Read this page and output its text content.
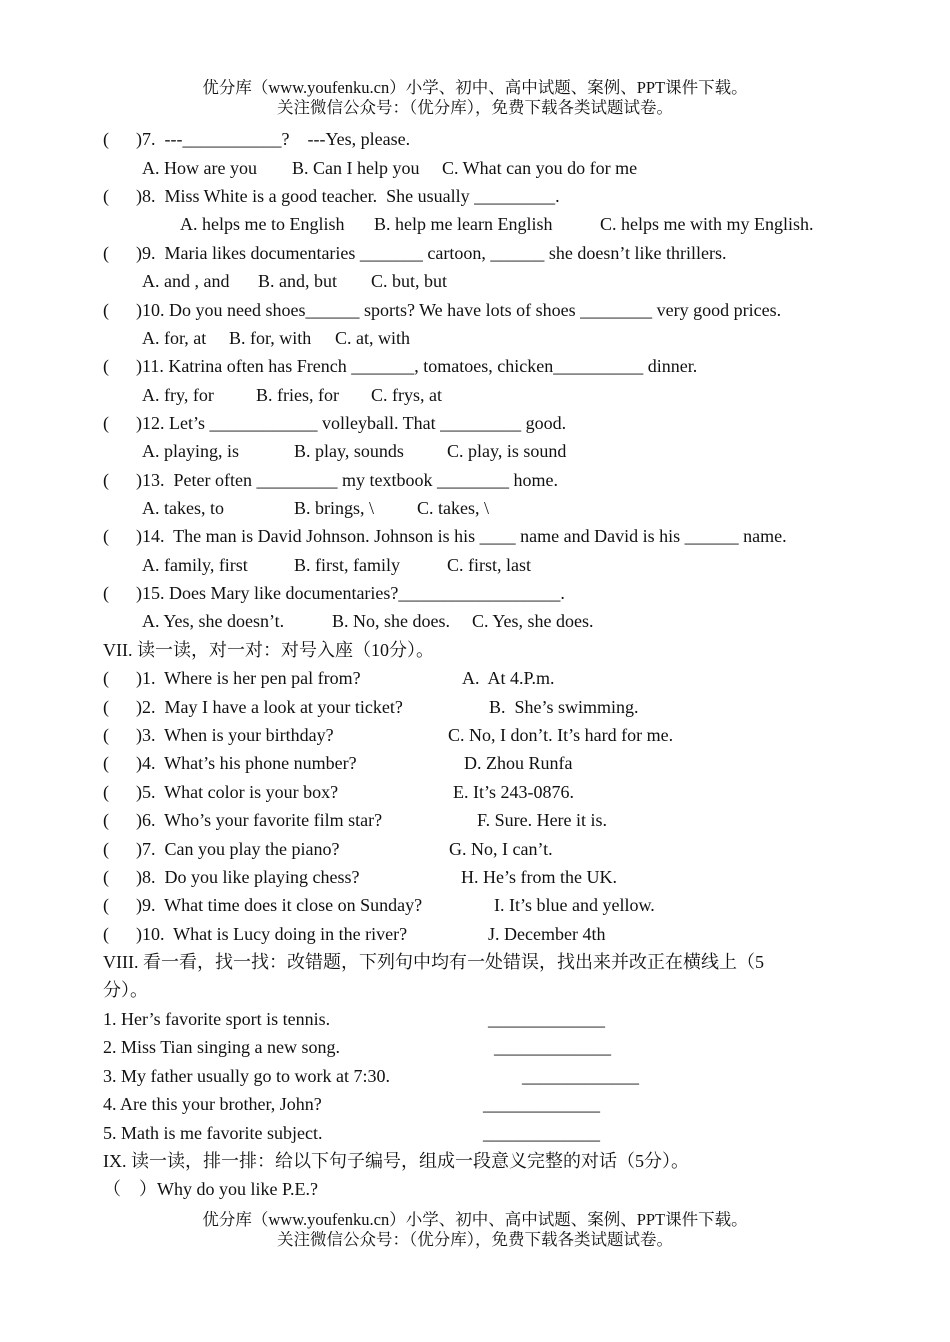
优分库（www.youfenku.cn）小学、初中、高中试题、案例、PPT课件下载。
关注微信公众号：（优分库），免费下载各类试题试卷。
(      )7.  ---___________?    ---Yes, please.
A. How are you B. Can I help you C. What can you do for me
(      )8.  Miss White is a good teacher.  She usually _________.
A. helps me to English B. help me learn English	C. helps me with my English.
(      )9.  Maria likes documentaries _______ cartoon, ______ she doesn’t like thrillers.
A. and , and B. and, but C. but, but
(      )10. Do you need shoes______ sports? We have lots of shoes ________ very good prices.
A. for, at B. for, with C. at, with
(      )11. Katrina often has French _______, tomatoes, chicken__________ dinner.
A. fry, for B. fries, for C. frys, at
(      )12. Let’s ____________ volleyball. That _________ good.
A. playing, is	B. play, sounds C. play, is sound
(      )13.  Peter often _________ my textbook ________ home.
A. takes, to	B. brings, \ C. takes, \
(      )14.  The man is David Johnson. Johnson is his ____ name and David is his ______ name.
A. family, first	B. first, family	C. first, last
(      )15. Does Mary like documentaries?__________________.
A. Yes, she doesn’t.	B. No, she does. C. Yes, she does.
VII. 读一读，对一对：对号入座（10分）。
(      )1.  Where is her pen pal from?	A.  At 4.P.m.
(      )2.  May I have a look at your ticket?	B.  She’s swimming.
(      )3.  When is your birthday?	C. No, I don’t. It’s hard for me.
(      )4.  What’s his phone number?	D. Zhou Runfa
(      )5.  What color is your box?	E. It’s 243-0876.
(      )6.  Who’s your favorite film star?	F. Sure. Here it is.
(      )7.  Can you play the piano?	G. No, I can’t.
(      )8.  Do you like playing chess?	H. He’s from the UK.
(      )9.  What time does it close on Sunday?	I. It’s blue and yellow.
(      )10.  What is Lucy doing in the river?	J. December 4th
VIII. 看一看，找一找：改错题，下列句中均有一处错误，找出来并改正在横线上（5
分）。
1. Her’s favorite sport is tennis.	_____________
2. Miss Tian singing a new song.	_____________
3. My father usually go to work at 7:30.	_____________
4. Are this your brother, John?	_____________
5. Math is me favorite subject.	_____________
IX. 读一读，排一排：给以下句子编号，组成一段意义完整的对话（5分）。
（    ）Why do you like P.E.?
优分库（www.youfenku.cn）小学、初中、高中试题、案例、PPT课件下载。
关注微信公众号：（优分库），免费下载各类试题试卷。
